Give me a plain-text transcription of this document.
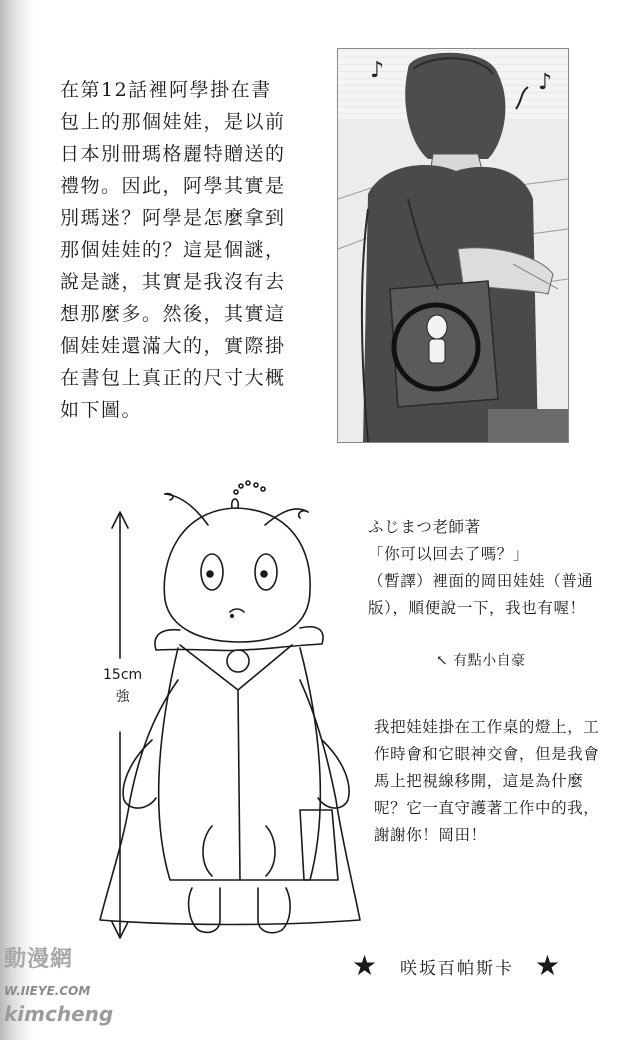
在第12話裡阿學掛在書包上的那個娃娃，是以前日本別冊瑪格麗特贈送的禮物。因此，阿學其實是別瑪迷？阿學是怎麼拿到那個娃娃的？這是個謎，說是謎，其實是我沒有去想那麼多。然後，其實這個娃娃還滿大的，實際掛在書包上真正的尺寸大概如下圖。

♪	♪
15cm
強
ふじまつ老師著
「你可以回去了嗎？」
（暫譯）裡面的岡田娃娃（普通版），順便說一下，我也有喔！
↖ 有點小自豪

我把娃娃掛在工作桌的燈上，工作時會和它眼神交會，但是我會馬上把視線移開，這是為什麼呢？它一直守護著工作中的我，謝謝你！岡田！

★ 咲坂百帕斯卡 ★
動漫網
W.IIEYE.COM
kimcheng
